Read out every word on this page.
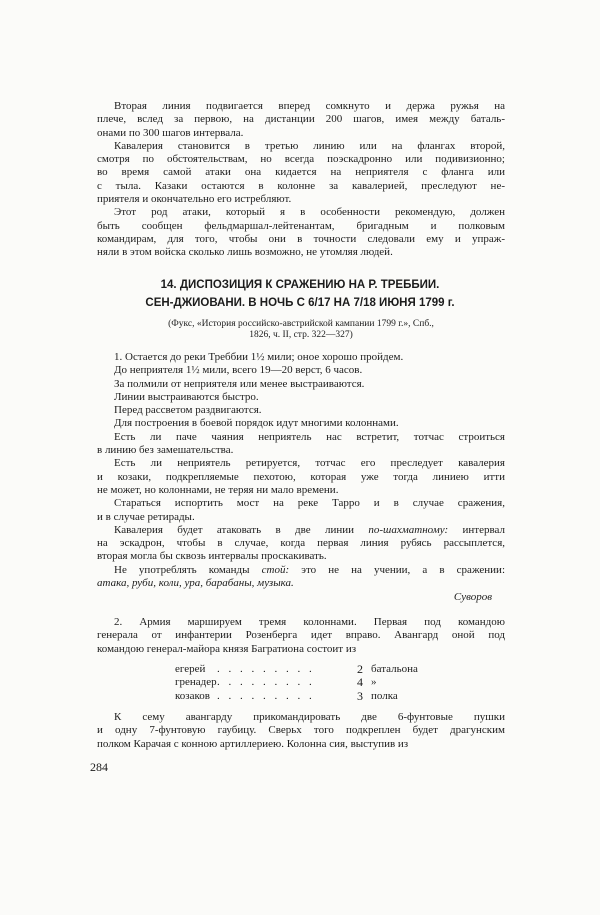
Вторая линия подвигается вперед сомкнуто и держа ружья на
плече, вслед за первою, на дистанции 200 шагов, имея между баталь-
онами по 300 шагов интервала.
Кавалерия становится в третью линию или на флангах второй,
смотря по обстоятельствам, но всегда поэскадронно или подивизионно;
во время самой атаки она кидается на неприятеля с фланга или
с тыла. Казаки остаются в колонне за кавалерией, преследуют не-
приятеля и окончательно его истребляют.
Этот род атаки, который я в особенности рекомендую, должен
быть сообщен фельдмаршал-лейтенантам, бригадным и полковым
командирам, для того, чтобы они в точности следовали ему и упраж-
няли в этом войска сколько лишь возможно, не утомляя людей.
14. ДИСПОЗИЦИЯ К СРАЖЕНИЮ НА Р. ТРЕББИИ.
СЕН-ДЖИОВАНИ. В НОЧЬ С 6/17 НА 7/18 ИЮНЯ 1799 г.
(Фукс, «История российско-австрийской кампании 1799 г.», Спб.,
1826, ч. II, стр. 322—327)
1. Остается до реки Треббии 1½ мили; оное хорошо пройдем.
До неприятеля 1½ мили, всего 19—20 верст, 6 часов.
За полмили от неприятеля или менее выстраиваются.
Линии выстраиваются быстро.
Перед рассветом раздвигаются.
Для построения в боевой порядок идут многими колоннами.
Есть ли паче чаяния неприятель нас встретит, тотчас строиться
в линию без замешательства.
Есть ли неприятель ретируется, тотчас его преследует кавалерия
и козаки, подкрепляемые пехотою, которая уже тогда линиею итти
не может, но колоннами, не теряя ни мало времени.
Стараться испортить мост на реке Тарро и в случае сражения,
и в случае ретирады.
Кавалерия будет атаковать в две линии по-шахматному: интервал
на эскадрон, чтобы в случае, когда первая линия рубясь рассыплется,
вторая могла бы сквозь интервалы проскакивать.
Не употреблять команды стой: это не на учении, а в сражении:
атака, руби, коли, ура, барабаны, музыка.
Суворов
2. Армия маршируем тремя колоннами. Первая под командою
генерала от инфантерии Розенберга идет вправо. Авангард оной под
командою генерал-майора князя Багратиона состоит из
егерей	. . . . . . . . .	2 батальона
гренадер . . . . . . . . .	4 »
козаков . . . . . . . . .	3 полка
К сему авангарду прикомандировать две 6-фунтовые пушки
и одну 7-фунтовую гаубицу. Сверьх того подкреплен будет драгунским
полком Карачая с конною артиллериею. Колонна сия, выступив из
284
